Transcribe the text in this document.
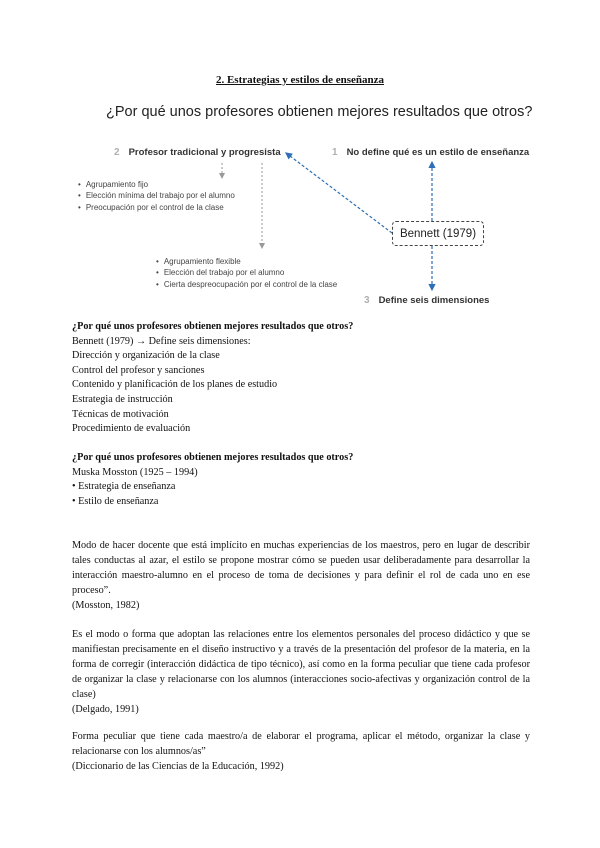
2. Estrategias y estilos de enseñanza
¿Por qué unos profesores obtienen mejores resultados que otros?
2 Profesor tradicional y progresista	1 No define qué es un estilo de enseñanza
3 Define seis dimensiones
• Agrupamiento fijo
• Elección mínima del trabajo por el alumno
• Preocupación por el control de la clase
• Agrupamiento flexible
• Elección del trabajo por el alumno
• Cierta despreocupación por el control de la clase
Bennett (1979)
¿Por qué unos profesores obtienen mejores resultados que otros?
Bennett (1979) → Define seis dimensiones:
Dirección y organización de la clase
Control del profesor y sanciones
Contenido y planificación de los planes de estudio
Estrategia de instrucción
Técnicas de motivación
Procedimiento de evaluación
¿Por qué unos profesores obtienen mejores resultados que otros?
Muska Mosston (1925 – 1994)
• Estrategia de enseñanza
• Estilo de enseñanza
Modo de hacer docente que está implícito en muchas experiencias de los maestros, pero en lugar de describir tales conductas al azar, el estilo se propone mostrar cómo se pueden usar deliberadamente para desarrollar la interacción maestro-alumno en el proceso de toma de decisiones y para definir el rol de cada uno en ese proceso”.
(Mosston, 1982)
Es el modo o forma que adoptan las relaciones entre los elementos personales del proceso didáctico y que se manifiestan precisamente en el diseño instructivo y a través de la presentación del profesor de la materia, en la forma de corregir (interacción didáctica de tipo técnico), así como en la forma peculiar que tiene cada profesor de organizar la clase y relacionarse con los alumnos (interacciones socio-afectivas y organización control de la clase)
(Delgado, 1991)
Forma peculiar que tiene cada maestro/a de elaborar el programa, aplicar el método, organizar la clase y relacionarse con los alumnos/as”
(Diccionario de las Ciencias de la Educación, 1992)
